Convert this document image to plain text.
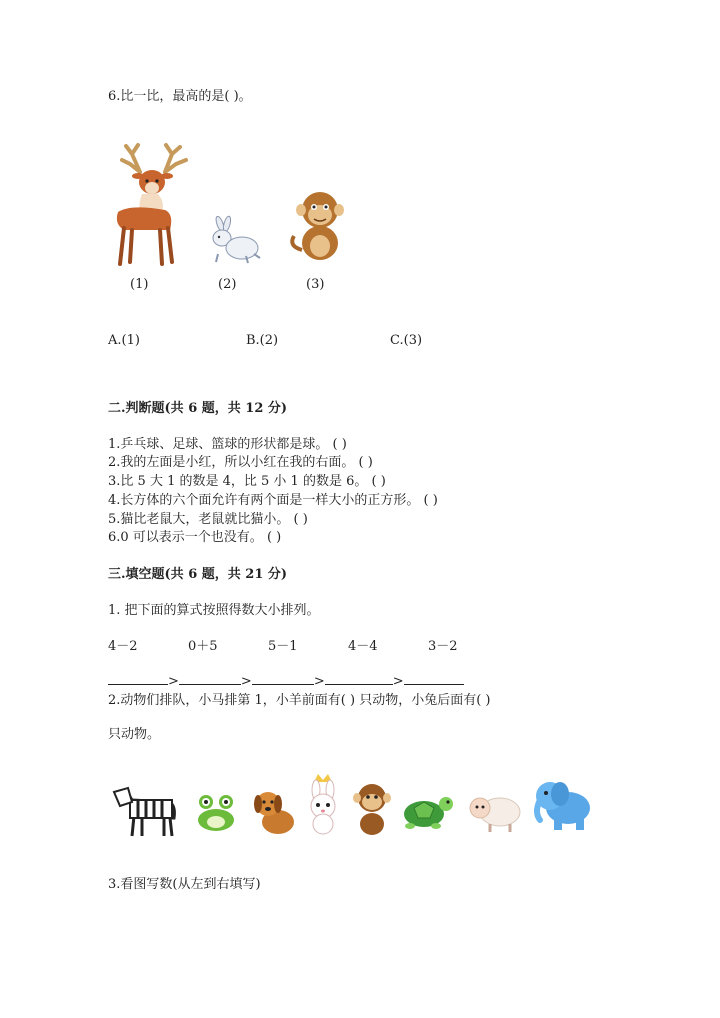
6.比一比，最高的是( )。
(1)	(2)	(3)
A.(1)	B.(2)	C.(3)
二.判断题(共 6 题，共 12 分)
1.乒乓球、足球、篮球的形状都是球。 ( )
2.我的左面是小红，所以小红在我的右面。 ( )
3.比 5 大 1 的数是 4，比 5 小 1 的数是 6。 ( )
4.长方体的六个面允许有两个面是一样大小的正方形。 ( )
5.猫比老鼠大，老鼠就比猫小。 ( )
6.0 可以表示一个也没有。 ( )
三.填空题(共 6 题，共 21 分)
1. 把下面的算式按照得数大小排列。
4－2	0＋5	5－1	4－4	3－2
>	>	>	>
2.动物们排队，小马排第 1，小羊前面有( ) 只动物，小兔后面有( )
只动物。
3.看图写数(从左到右填写)
